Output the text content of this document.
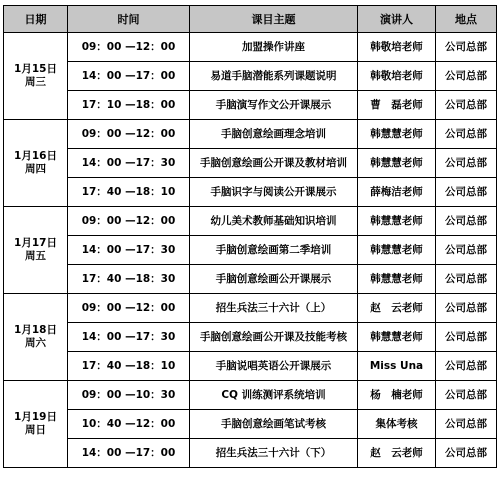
日期	时间	课目主题	演讲人	地点
1月15日
周三	09：00 —12：00	加盟操作讲座	韩敬培老师	公司总部
	14：00 —17：00	易道手脑潜能系列课题说明	韩敬培老师	公司总部
	17：10 —18：00	手脑演写作文公开课展示	曹　磊老师	公司总部
1月16日
周四	09：00 —12：00	手脑创意绘画理念培训	韩慧慧老师	公司总部
	14：00 —17：30	手脑创意绘画公开课及教材培训	韩慧慧老师	公司总部
	17：40 —18：10	手脑识字与阅读公开课展示	薛梅洁老师	公司总部
1月17日
周五	09：00 —12：00	幼儿美术教师基础知识培训	韩慧慧老师	公司总部
	14：00 —17：30	手脑创意绘画第二季培训	韩慧慧老师	公司总部
	17：40 —18：30	手脑创意绘画公开课展示	韩慧慧老师	公司总部
1月18日
周六	09：00 —12：00	招生兵法三十六计（上）	赵　云老师	公司总部
	14：00 —17：30	手脑创意绘画公开课及技能考核	韩慧慧老师	公司总部
	17：40 —18：10	手脑说唱英语公开课展示	Miss Una	公司总部
1月19日
周日	09：00 —10：30	CQ 训练测评系统培训	杨　楠老师	公司总部
	10：40 —12：00	手脑创意绘画笔试考核	集体考核	公司总部
	14：00 —17：00	招生兵法三十六计（下）	赵　云老师	公司总部
